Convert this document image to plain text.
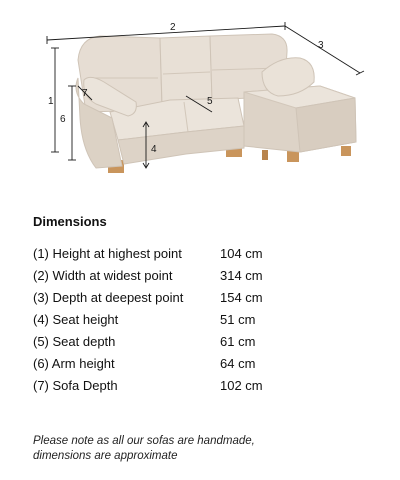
2
3
1
6
7
4
5
Dimensions
(1) Height at highest point	104 cm
(2) Width at widest point	314 cm
(3) Depth at deepest point	154 cm
(4) Seat height	51 cm
(5) Seat depth	61 cm
(6) Arm height	64 cm
(7) Sofa Depth	102 cm
Please note as all our sofas are handmade,
dimensions are approximate
